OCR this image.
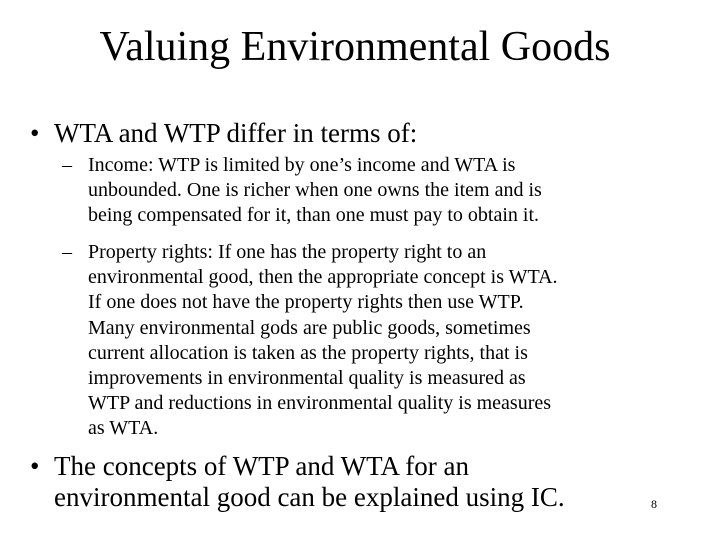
Valuing Environmental Goods
• WTA and WTP differ in terms of:
– Income: WTP is limited by one’s income and WTA is
unbounded. One is richer when one owns the item and is
being compensated for it, than one must pay to obtain it.
– Property rights: If one has the property right to an
environmental good, then the appropriate concept is WTA.
If one does not have the property rights then use WTP.
Many environmental gods are public goods, sometimes
current allocation is taken as the property rights, that is
improvements in environmental quality is measured as
WTP and reductions in environmental quality is measures
as WTA.
• The concepts of WTP and WTA for an
environmental good can be explained using IC.	8
